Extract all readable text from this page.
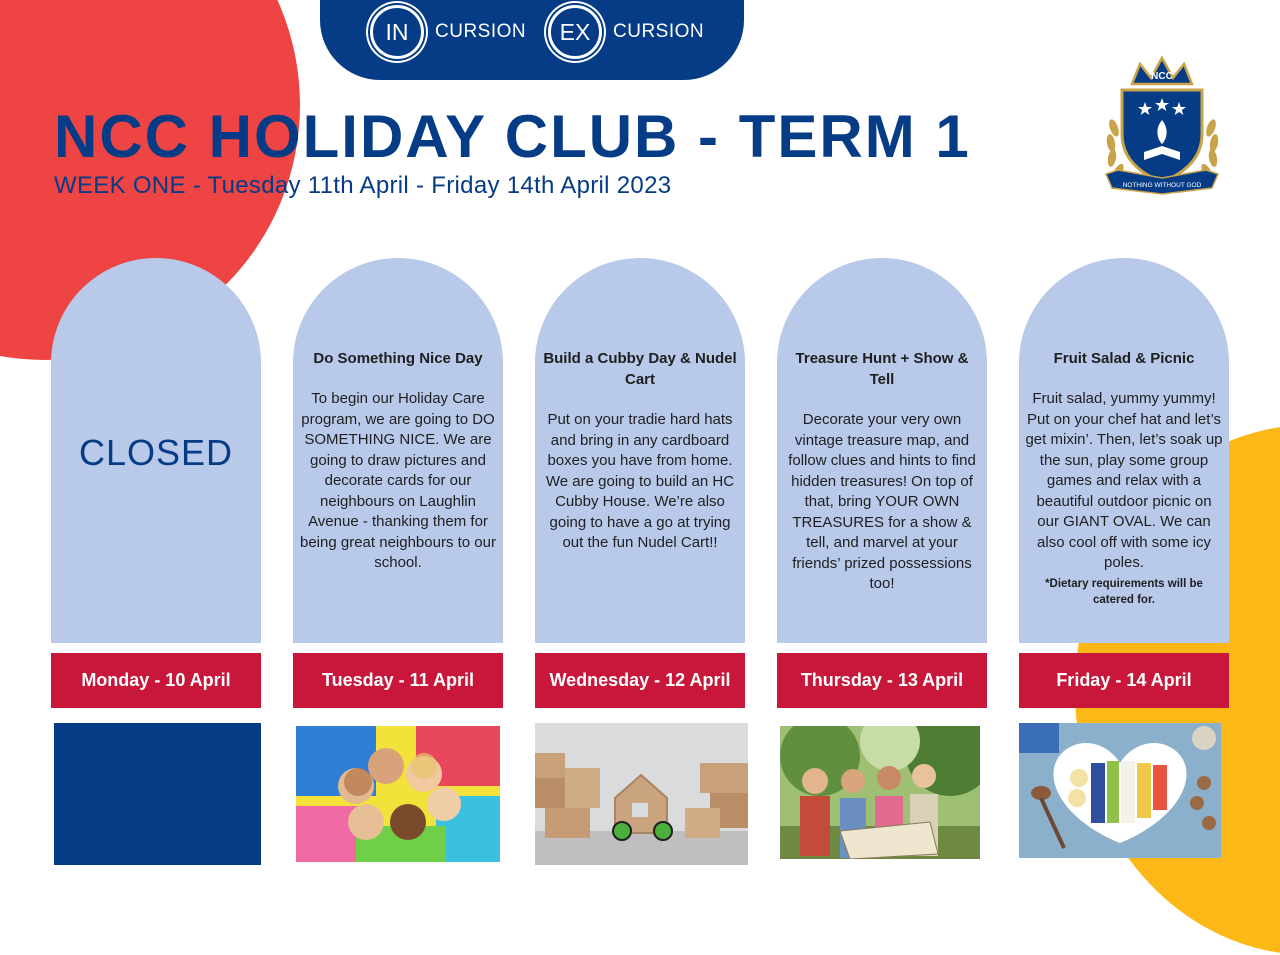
IN	CURSION	EX	CURSION
NCC HOLIDAY CLUB - TERM 1

WEEK ONE - Tuesday 11th April - Friday 14th April 2023

NCC
NOTHING WITHOUT GOD
CLOSED

Do Something Nice Day

To begin our Holiday Care program, we are going to DO SOMETHING NICE. We are going to draw pictures and decorate cards for our neighbours on Laughlin Avenue - thanking them for being great neighbours to our school.

Build a Cubby Day & Nudel Cart

Put on your tradie hard hats and bring in any cardboard boxes you have from home. We are going to build an HC Cubby House. We’re also going to have a go at trying out the fun Nudel Cart!!

Treasure Hunt + Show & Tell

Decorate your very own vintage treasure map, and follow clues and hints to find hidden treasures! On top of that, bring YOUR OWN TREASURES for a show & tell, and marvel at your friends’ prized possessions too!

Fruit Salad & Picnic

Fruit salad, yummy yummy! Put on your chef hat and let’s get mixin’. Then, let’s soak up the sun, play some group games and relax with a beautiful outdoor picnic on our GIANT OVAL. We can also cool off with some icy poles.

*Dietary requirements will be catered for.

Monday - 10 April	Tuesday - 11 April	Wednesday - 12 April	Thursday - 13 April	Friday - 14 April
